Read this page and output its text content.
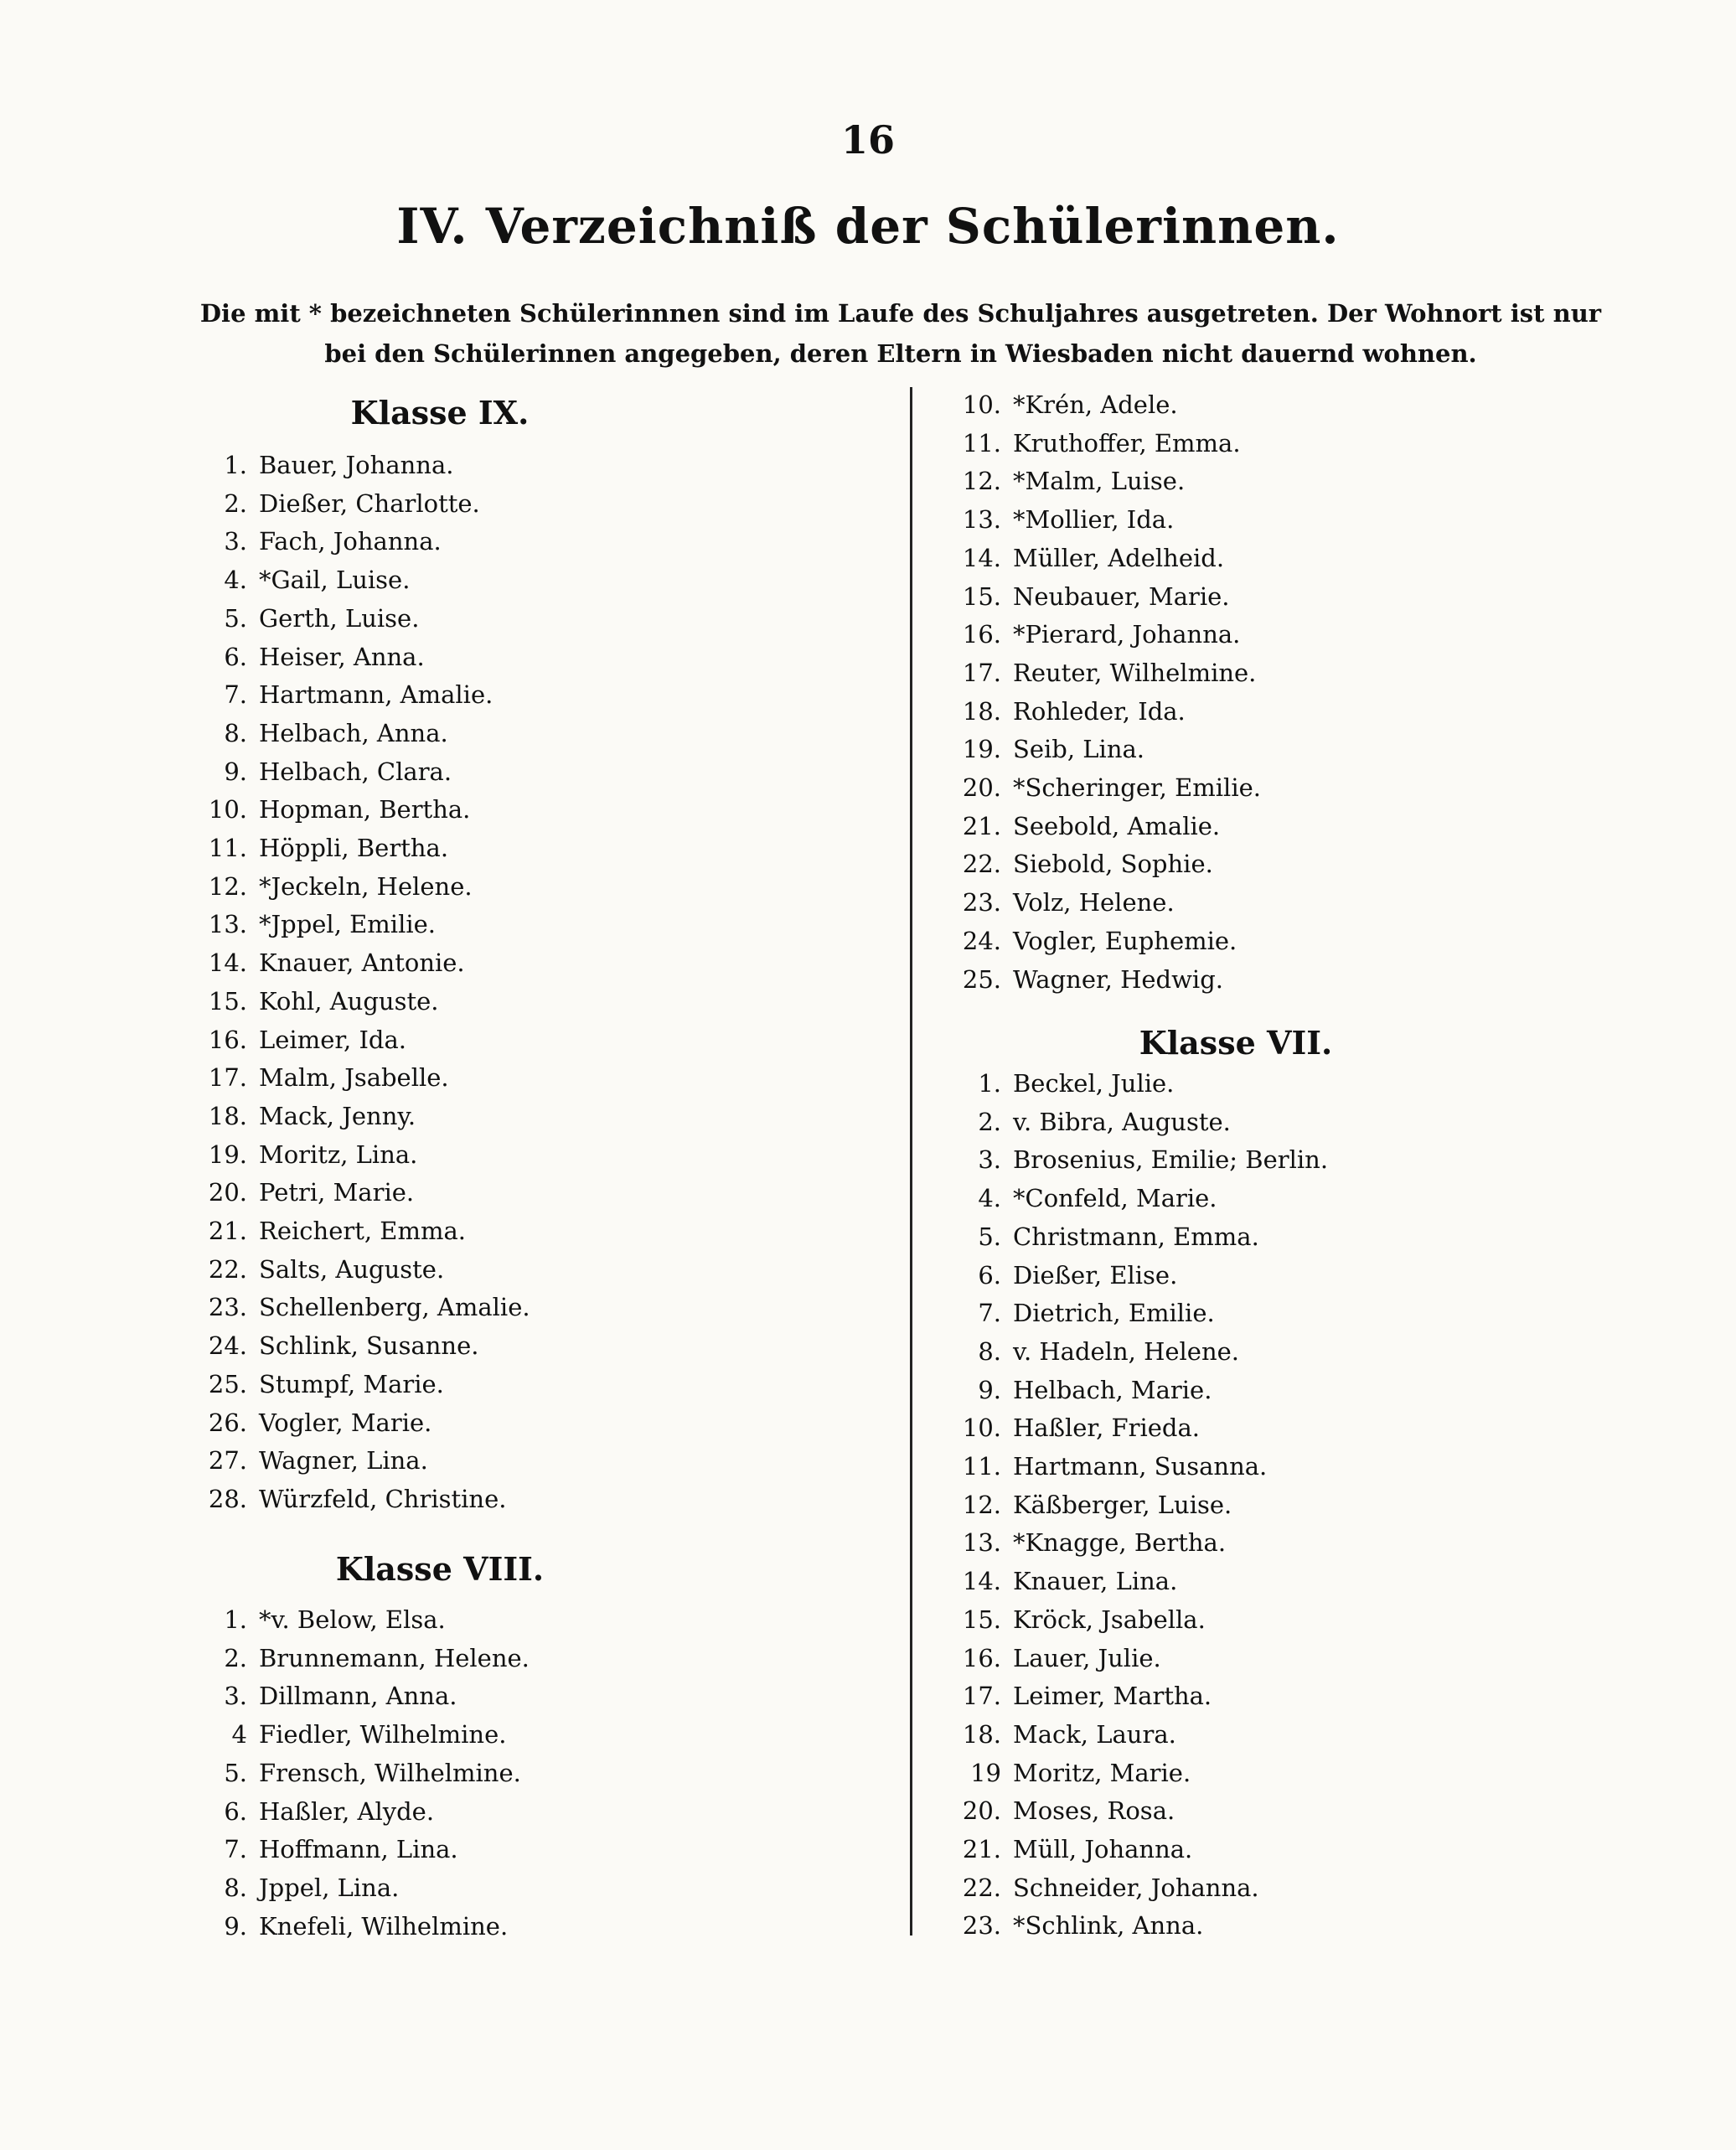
16
IV. Verzeichniß der Schülerinnen.
Die mit * bezeichneten Schülerinnnen sind im Laufe des Schuljahres ausgetreten. Der Wohnort ist nur bei den Schülerinnen angegeben, deren Eltern in Wiesbaden nicht dauernd wohnen.
Klasse IX.
1. Bauer, Johanna.
2. Dießer, Charlotte.
3. Fach, Johanna.
4. *Gail, Luise.
5. Gerth, Luise.
6. Heiser, Anna.
7. Hartmann, Amalie.
8. Helbach, Anna.
9. Helbach, Clara.
10. Hopman, Bertha.
11. Höppli, Bertha.
12. *Jeckeln, Helene.
13. *Jppel, Emilie.
14. Knauer, Antonie.
15. Kohl, Auguste.
16. Leimer, Ida.
17. Malm, Jsabelle.
18. Mack, Jenny.
19. Moritz, Lina.
20. Petri, Marie.
21. Reichert, Emma.
22. Salts, Auguste.
23. Schellenberg, Amalie.
24. Schlink, Susanne.
25. Stumpf, Marie.
26. Vogler, Marie.
27. Wagner, Lina.
28. Würzfeld, Christine.
Klasse VIII.
1. *v. Below, Elsa.
2. Brunnemann, Helene.
3. Dillmann, Anna.
4 Fiedler, Wilhelmine.
5. Frensch, Wilhelmine.
6. Haßler, Alyde.
7. Hoffmann, Lina.
8. Jppel, Lina.
9. Knefeli, Wilhelmine.
10. *Krén, Adele.
11. Kruthoffer, Emma.
12. *Malm, Luise.
13. *Mollier, Ida.
14. Müller, Adelheid.
15. Neubauer, Marie.
16. *Pierard, Johanna.
17. Reuter, Wilhelmine.
18. Rohleder, Ida.
19. Seib, Lina.
20. *Scheringer, Emilie.
21. Seebold, Amalie.
22. Siebold, Sophie.
23. Volz, Helene.
24. Vogler, Euphemie.
25. Wagner, Hedwig.
Klasse VII.
1. Beckel, Julie.
2. v. Bibra, Auguste.
3. Brosenius, Emilie; Berlin.
4. *Confeld, Marie.
5. Christmann, Emma.
6. Dießer, Elise.
7. Dietrich, Emilie.
8. v. Hadeln, Helene.
9. Helbach, Marie.
10. Haßler, Frieda.
11. Hartmann, Susanna.
12. Käßberger, Luise.
13. *Knagge, Bertha.
14. Knauer, Lina.
15. Kröck, Jsabella.
16. Lauer, Julie.
17. Leimer, Martha.
18. Mack, Laura.
19 Moritz, Marie.
20. Moses, Rosa.
21. Müll, Johanna.
22. Schneider, Johanna.
23. *Schlink, Anna.
